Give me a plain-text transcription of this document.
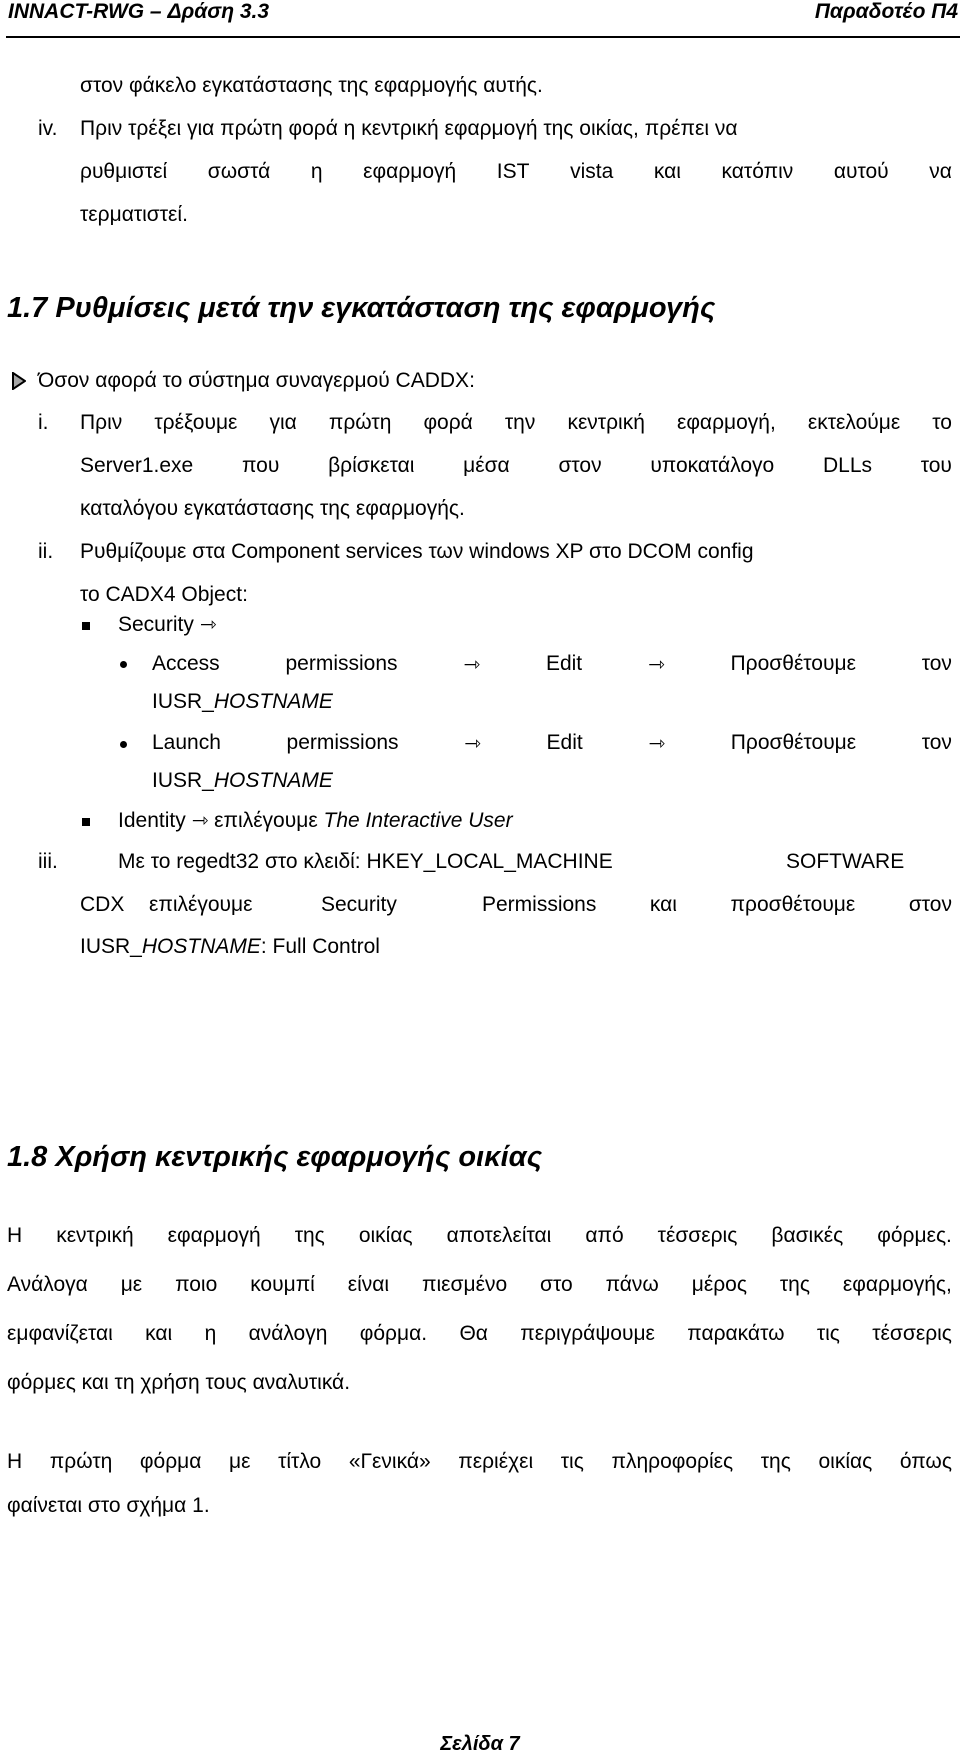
INNACT-RWG – Δράση 3.3	Παραδοτέο Π4
στον φάκελο εγκατάστασης της εφαρμογής αυτής.
iv. Πριν τρέξει για πρώτη φορά η κεντρική εφαρμογή της οικίας, πρέπει να
ρυθμιστεί σωστά η εφαρμογή IST vista και κατόπιν αυτού να
τερματιστεί.
1.7 Ρυθμίσεις μετά την εγκατάσταση της εφαρμογής
Όσον αφορά το σύστημα συναγερμού CADDX:
i. Πριν τρέξουμε για πρώτη φορά την κεντρική εφαρμογή, εκτελούμε το
Server1.exe που βρίσκεται μέσα στον υποκατάλογο DLLs του
καταλόγου εγκατάστασης της εφαρμογής.
ii. Ρυθμίζουμε στα Component services των windows XP στο DCOM config
το CADX4 Object:
Security ⇾
Access	permissions	⇾	Edit	⇾	Προσθέτουμε	τον
IUSR_HOSTNAME
Launch	permissions	⇾	Edit	⇾	Προσθέτουμε	τον
IUSR_HOSTNAME
Identity ⇾ επιλέγουμε The Interactive User
iii.	Με το regedt32 στο κλειδί: HKEY_LOCAL_MACHINE	SOFTWARE
CDX επιλέγουμε	Security	Permissions	και	προσθέτουμε	στον
IUSR_HOSTNAME: Full Control
1.8 Χρήση κεντρικής εφαρμογής οικίας
Η κεντρική εφαρμογή της οικίας αποτελείται από τέσσερις βασικές φόρμες.
Ανάλογα με ποιο κουμπί είναι πιεσμένο στο πάνω μέρος της εφαρμογής,
εμφανίζεται και η ανάλογη φόρμα. Θα περιγράψουμε παρακάτω τις τέσσερις
φόρμες και τη χρήση τους αναλυτικά.
Η πρώτη φόρμα με τίτλο «Γενικά» περιέχει τις πληροφορίες της οικίας όπως
φαίνεται στο σχήμα 1.
Σελίδα 7
